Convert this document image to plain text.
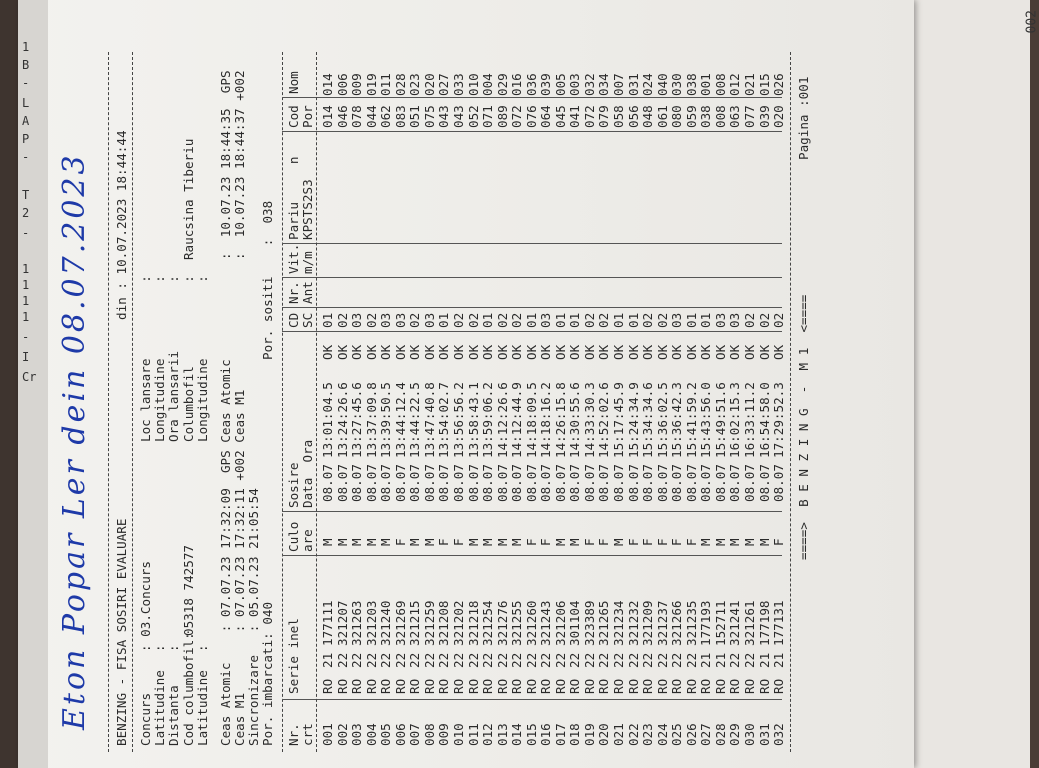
002
1
B
-
L
A
P
-
T
2
-
1
1
1
1
-
I
Cr Eton Popar Ler dein 08.07.2023	BENZING - FISA SOSIRI EVALUARE
din : 10.07.2023 18:44:44
Concurs
: 03.Concurs
Latitudine
:
Distanta
: Cod columbofil:
05318 742577
Latitudine
:
Loc lansare          : Longitudine          : Ora lansarii         : Columbofil           :  Raucsina Tiberiu Longitudine          :
Ceas Atomic    : 07.07.23 17:32:09  GPS Ceas Atomic
:  10.07.23 18:44:35  GPS
Ceas M1        : 07.07.23 17:32:11 +002 Ceas M1
:  10.07.23 18:44:37 +002
Sincronizare   : 05.07.23 21:05:54 Por. imbarcati: 040
Por. sositi    :  038
Nr. crt
Serie inel
Culo are
Sosire Data  Ora
CD SC
Nr. Ant
Vit. m/m
Pariu     n KPSTS2S3
Cod Por
Nom
001
RO
21
177111
M
08.07
13:01:04.5
OK
01
014
014
002
RO
22
321207
M
08.07
13:24:26.6
OK
02
046
006
003
RO
22
321263
M
08.07
13:27:45.6
OK
03
078
009
004
RO
22
321203
M
08.07
13:37:09.8
OK
02
044
019
005
RO
22
321240
M
08.07
13:39:50.5
OK
03
062
011
006
RO
22
321269
F
08.07
13:44:12.4
OK
03
083
028
007
RO
22
321215
M
08.07
13:44:22.5
OK
02
051
023
008
RO
22
321259
M
08.07
13:47:40.8
OK
03
075
020
009
RO
22
321208
F
08.07
13:54:02.7
OK
01
043
027
010
RO
22
321202
F
08.07
13:56:56.2
OK
02
043
033
011
RO
22
321218
M
08.07
13:58:43.1
OK
02
052
010
012
RO
22
321254
M
08.07
13:59:06.2
OK
01
071
004
013
RO
22
321276
M
08.07
14:12:26.6
OK
02
089
029
014
RO
22
321255
M
08.07
14:12:44.9
OK
02
072
016
015
RO
22
321260
F
08.07
14:18:09.5
OK
01
076
036
016
RO
22
321243
F
08.07
14:18:16.2
OK
03
064
039
017
RO
22
321206
M
08.07
14:26:15.8
OK
01
045
005
018
RO
22
301104
M
08.07
14:30:55.6
OK
01
041
003
019
RO
22
323389
F
08.07
14:33:30.3
OK
02
072
032
020
RO
22
321265
F
08.07
14:52:02.6
OK
02
079
034
021
RO
22
321234
M
08.07
15:17:45.9
OK
01
058
007
022
RO
22
321232
F
08.07
15:24:34.9
OK
01
056
031
023
RO
22
321209
F
08.07
15:34:34.6
OK
02
048
024
024
RO
22
321237
F
08.07
15:36:02.5
OK
02
061
040
025
RO
22
321266
F
08.07
15:36:42.3
OK
03
080
030
026
RO
22
321235
F
08.07
15:41:59.2
OK
01
059
038
027
RO
21
177193
M
08.07
15:43:56.0
OK
01
038
001
028
RO
21
152711
M
08.07
15:49:51.6
OK
03
008
008
029
RO
22
321241
M
08.07
16:02:15.3
OK
03
063
012
030
RO
22
321261
M
08.07
16:33:11.2
OK
02
077
021
031
RO
21
177198
M
08.07
16:54:58.0
OK
02
039
015
032
RO
21
177131
F
08.07
17:29:52.3
OK
02
020
026
====>  B E N Z I N G  -  M 1  <====
Pagina :001
